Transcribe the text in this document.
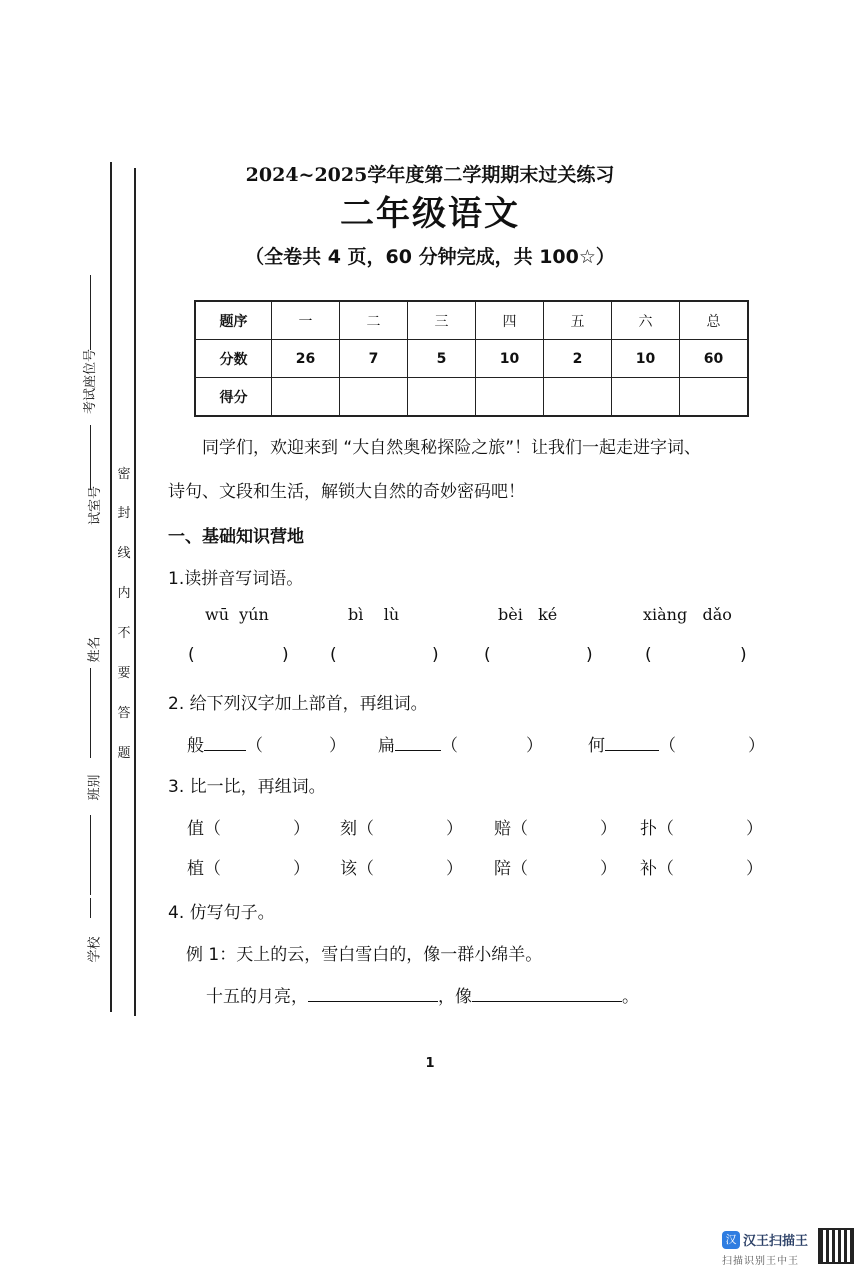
考试座位号
试室号
姓名
班别
学校
密
封
线
内
不
要
答
题
2024~2025学年度第二学期期末过关练习
二年级语文
（全卷共 4 页，60 分钟完成，共 100☆）
题序	一	二	三	四	五	六	总
分数	26	7	5	10	2	10	60
得分							
同学们，欢迎来到 “大自然奥秘探险之旅”！让我们一起走进字词、
诗句、文段和生活，解锁大自然的奇妙密码吧！
一、基础知识营地
1.读拼音写词语。
wū  yún	bì    lù	bèi   ké	xiàng   dǎo
(	) (	)	(	)	(	)
2. 给下列汉字加上部首，再组词。
般 （	） 扁	（	）	何	（	）
3. 比一比，再组词。
值（	） 刻（	） 赔（	） 扑（	）
植（	） 该（	） 陪（	） 补（	）
4. 仿写句子。
例 1：天上的云，雪白雪白的，像一群小绵羊。
十五的月亮，	，像	。
1
汉 汉王扫描王
扫描识别王中王
